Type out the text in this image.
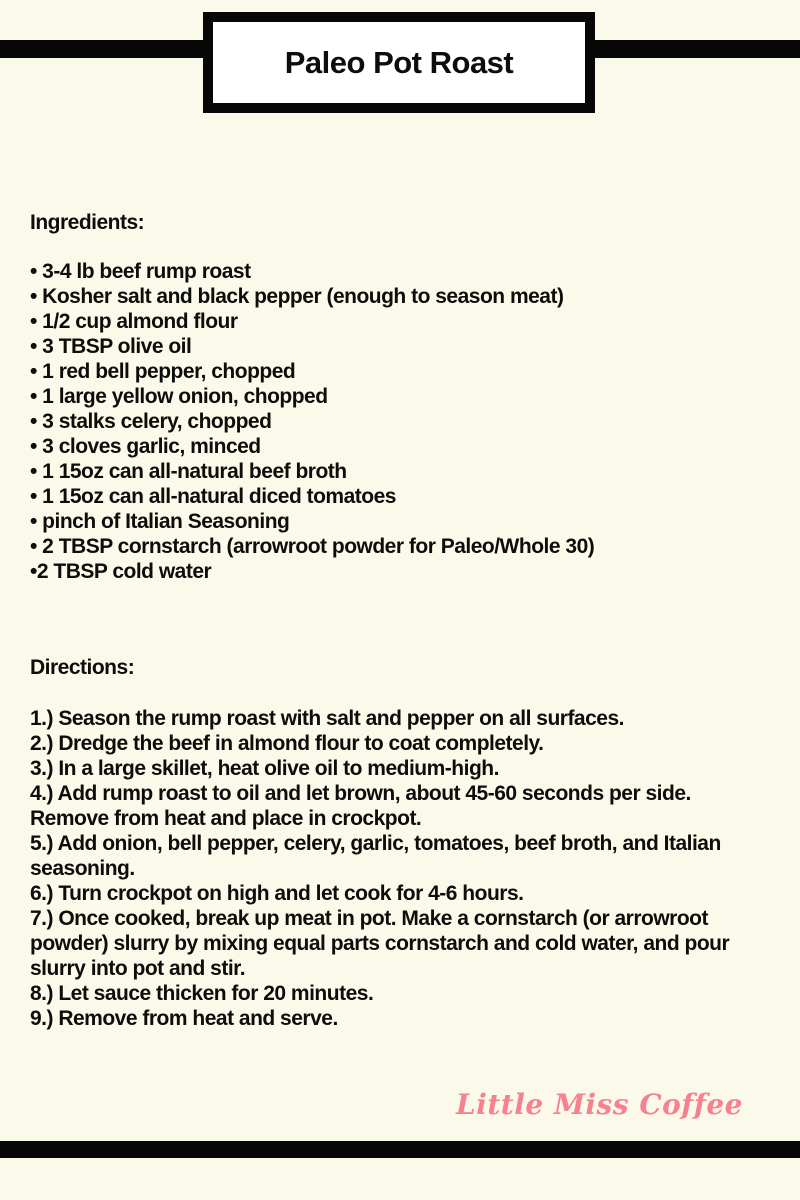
Paleo Pot Roast
Ingredients:
• 3-4 lb beef rump roast
• Kosher salt and black pepper (enough to season meat)
• 1/2 cup almond flour
• 3 TBSP olive oil
• 1 red bell pepper, chopped
• 1 large yellow onion, chopped
• 3 stalks celery, chopped
• 3 cloves garlic, minced
• 1 15oz can all-natural beef broth
• 1 15oz can all-natural diced tomatoes
• pinch of Italian Seasoning
• 2 TBSP cornstarch (arrowroot powder for Paleo/Whole 30)
•2 TBSP cold water
Directions:
1.) Season the rump roast with salt and pepper on all surfaces.
2.) Dredge the beef in almond flour to coat completely.
3.) In a large skillet, heat olive oil to medium-high.
4.) Add rump roast to oil and let brown, about 45-60 seconds per side.
Remove from heat and place in crockpot.
5.) Add onion, bell pepper, celery, garlic, tomatoes, beef broth, and Italian
seasoning.
6.) Turn crockpot on high and let cook for 4-6 hours.
7.) Once cooked, break up meat in pot. Make a cornstarch (or arrowroot
powder) slurry by mixing equal parts cornstarch and cold water, and pour
slurry into pot and stir.
8.) Let sauce thicken for 20 minutes.
9.) Remove from heat and serve.
Little Miss Coffee
